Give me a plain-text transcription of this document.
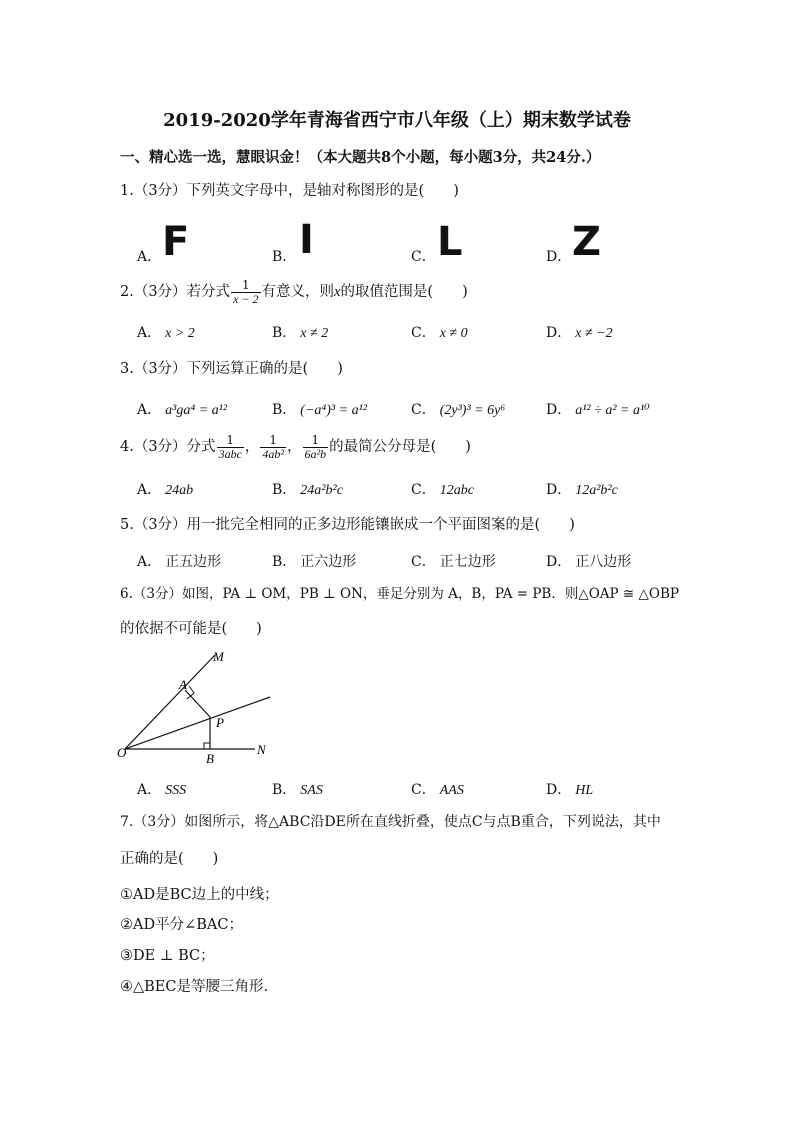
2019-2020学年青海省西宁市八年级（上）期末数学试卷
一、精心选一选，慧眼识金！（本大题共8个小题，每小题3分，共24分.）
1.（3分）下列英文字母中，是轴对称图形的是(　　)
A． F	B． I	C． L	D． Z
2.（3分）若分式 $\frac{1}{x - 2}$ 有意义，则x的取值范围是(　　)
A． x > 2	B． x ≠ 2	C． x ≠ 0	D． x ≠ −2
3.（3分）下列运算正确的是(　　)
A． a³ga⁴ = a¹²	B． (−a⁴)³ = a¹²	C． (2y³)³ = 6y⁶	D． a¹² ÷ a² = a¹⁰
4.（3分）分式 $\frac{1}{\text{3abc}}$ ， $\frac{1}{\text{4ab²}}$ ， $\frac{1}{\text{6a²b}}$ 的最简公分母是(　　)
A． 24ab	B． 24a²b²c	C． 12abc	D． 12a²b²c
5.（3分）用一批完全相同的正多边形能镶嵌成一个平面图案的是(　　)
A． 正五边形	B． 正六边形	C． 正七边形	D． 正八边形
6.（3分）如图，PA ⊥ OM，PB ⊥ ON，垂足分别为 A，B，PA = PB．则△OAP ≅ △OBP
的依据不可能是(　　)
M
A
P
O	B
N
A． SSS	B． SAS	C． AAS	D． HL
7.（3分）如图所示，将△ABC沿DE所在直线折叠，使点C与点B重合，下列说法，其中
正确的是(　　)
①AD是BC边上的中线；
②AD平分∠BAC；
③DE ⊥ BC；
④△BEC是等腰三角形.
